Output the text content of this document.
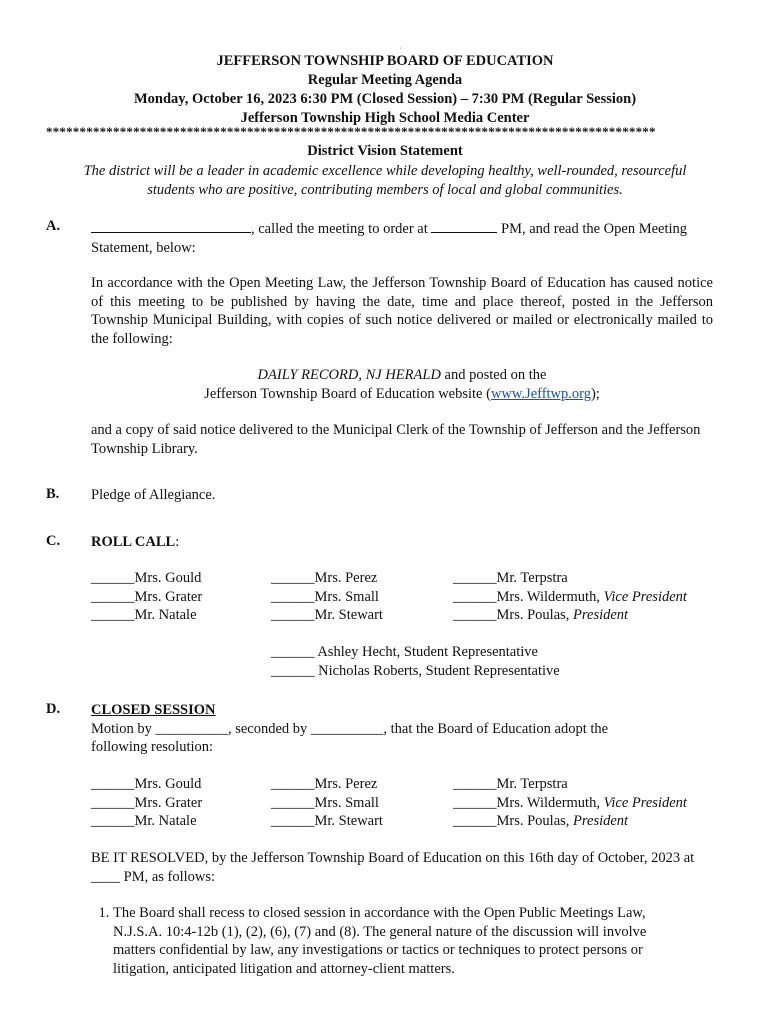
·
JEFFERSON TOWNSHIP BOARD OF EDUCATION
Regular Meeting Agenda
Monday, October 16, 2023 6:30 PM (Closed Session) – 7:30 PM (Regular Session)
Jefferson Township High School Media Center
*******************************************************************************************
District Vision Statement
The district will be a leader in academic excellence while developing healthy, well-rounded, resourceful students who are positive, contributing members of local and global communities.
A.	, called the meeting to order at	PM, and read the Open Meeting
Statement, below:
In accordance with the Open Meeting Law, the Jefferson Township Board of Education has caused notice of this meeting to be published by having the date, time and place thereof, posted in the Jefferson Township Municipal Building, with copies of such notice delivered or mailed or electronically mailed to the following:
DAILY RECORD, NJ HERALD and posted on the
Jefferson Township Board of Education website (www.Jefftwp.org);
and a copy of said notice delivered to the Municipal Clerk of the Township of Jefferson and the Jefferson Township Library.
B. Pledge of Allegiance.
C. ROLL CALL:
______Mrs. Gould
______Mrs. Grater
______Mr. Natale
______Mrs. Perez
______Mrs. Small
______Mr. Stewart
______Mr. Terpstra
______Mrs. Wildermuth, Vice President
______Mrs. Poulas, President
______ Ashley Hecht, Student Representative
______ Nicholas Roberts, Student Representative
D. CLOSED SESSION
Motion by __________, seconded by __________, that the Board of Education adopt the following resolution:
______Mrs. Gould
______Mrs. Grater
______Mr. Natale
______Mrs. Perez
______Mrs. Small
______Mr. Stewart
______Mr. Terpstra
______Mrs. Wildermuth, Vice President
______Mrs. Poulas, President
BE IT RESOLVED, by the Jefferson Township Board of Education on this 16th day of October, 2023 at ____ PM, as follows:
1. The Board shall recess to closed session in accordance with the Open Public Meetings Law, N.J.S.A. 10:4-12b (1), (2), (6), (7) and (8). The general nature of the discussion will involve matters confidential by law, any investigations or tactics or techniques to protect persons or litigation, anticipated litigation and attorney-client matters.
